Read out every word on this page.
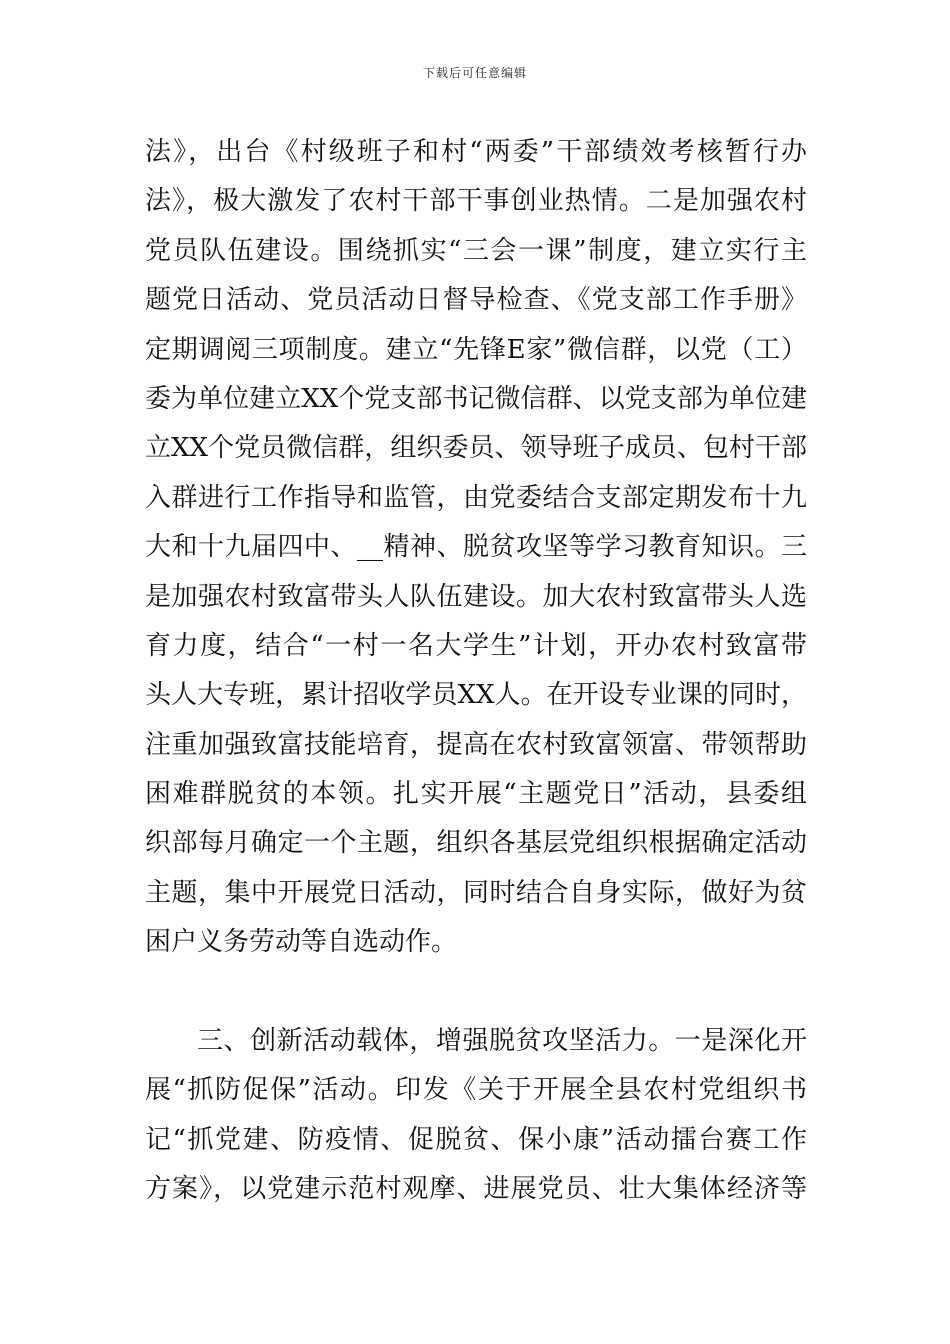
下载后可任意编辑
法》，出台《村级班子和村“两委”干部绩效考核暂行办
法》，极大激发了农村干部干事创业热情。二是加强农村
党员队伍建设。围绕抓实“三会一课”制度，建立实行主
题党日活动、党员活动日督导检查、《党支部工作手册》
定期调阅三项制度。建立“先锋E家”微信群，以党（工）
委为单位建立XX个党支部书记微信群、以党支部为单位建
立XX个党员微信群，组织委员、领导班子成员、包村干部
入群进行工作指导和监管，由党委结合支部定期发布十九
大和十九届四中、__精神、脱贫攻坚等学习教育知识。三
是加强农村致富带头人队伍建设。加大农村致富带头人选
育力度，结合“一村一名大学生”计划，开办农村致富带
头人大专班，累计招收学员XX人。在开设专业课的同时，
注重加强致富技能培育，提高在农村致富领富、带领帮助
困难群脱贫的本领。扎实开展“主题党日”活动，县委组
织部每月确定一个主题，组织各基层党组织根据确定活动
主题，集中开展党日活动，同时结合自身实际，做好为贫
困户义务劳动等自选动作。
三、创新活动载体，增强脱贫攻坚活力。一是深化开
展“抓防促保”活动。印发《关于开展全县农村党组织书
记“抓党建、防疫情、促脱贫、保小康”活动擂台赛工作
方案》，以党建示范村观摩、进展党员、壮大集体经济等
